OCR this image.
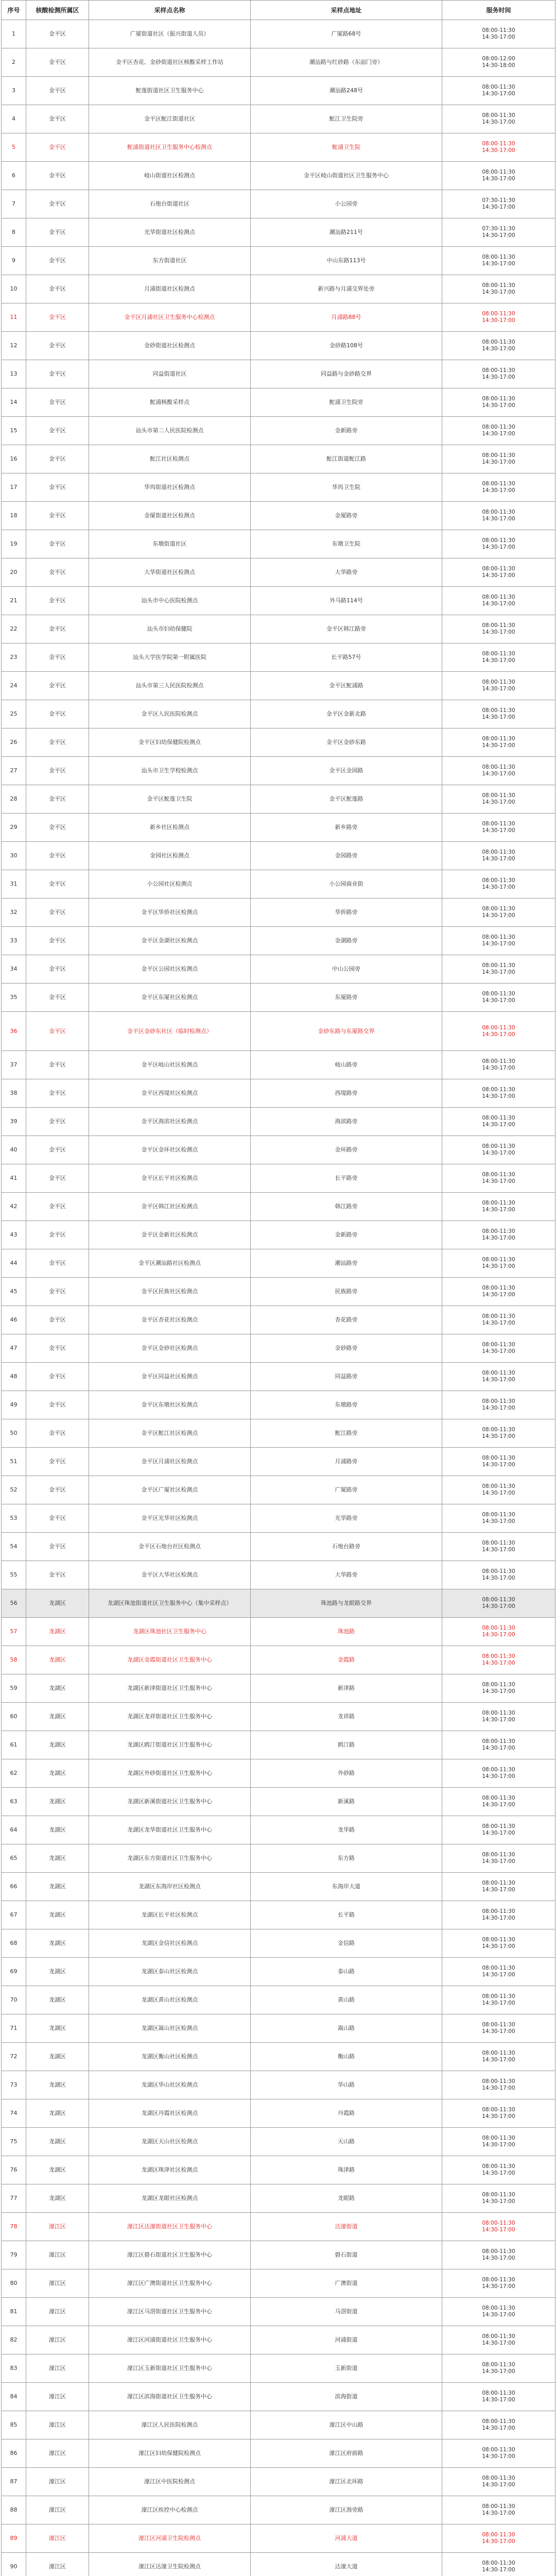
序号	核酸检测所属区	采样点名称	采样点地址	服务时间
1	金平区	广厦街道社区（振兴街道人员）	广厦路68号	08:00-11:30
14:30-17:00

2	金平区	金平区杏花、金砂街道社区核酸采样工作站	潮汕路与红砂路（东面门旁）	08:00-12:00
14:30-18:00

3	金平区	鮀莲街道社区卫生服务中心	潮汕路248号	08:00-11:30
14:30-17:00

4	金平区	金平区鮀江街道社区	鮀江卫生院旁	08:00-11:30
14:30-17:00

5	金平区	鮀浦街道社区卫生服务中心检测点	鮀浦卫生院	08:00-11:30
14:30-17:00

6	金平区	岐山街道社区检测点	金平区岐山街道社区卫生服务中心	08:00-11:30
14:30-17:00

7	金平区	石炮台街道社区	小公园旁	07:30-11:30
14:30-17:00

8	金平区	光华街道社区检测点	潮汕路211号	07:30-11:30
14:30-17:00

9	金平区	东方街道社区	中山东路113号	08:00-11:30
14:30-17:00

10	金平区	月浦街道社区检测点	新兴路与月浦交界处旁	08:00-11:30
14:30-17:00

11	金平区	金平区月浦社区卫生服务中心检测点	月浦路88号	08:00-11:30
14:30-17:00

12	金平区	金砂街道社区检测点	金砂路108号	08:00-11:30
14:30-17:00

13	金平区	同益街道社区	同益路与金砂路交界	08:00-11:30
14:30-17:00

14	金平区	鮀浦核酸采样点	鮀浦卫生院旁	08:00-11:30
14:30-17:00

15	金平区	汕头市第二人民医院检测点	金新路旁	08:00-11:30
14:30-17:00

16	金平区	鮀江社区检测点	鮀江街道鮀江路	08:00-11:30
14:30-17:00

17	金平区	华坞街道社区检测点	华坞卫生院	08:00-11:30
14:30-17:00

18	金平区	金厦街道社区检测点	金厦路旁	08:00-11:30
14:30-17:00

19	金平区	东墩街道社区	东墩卫生院	08:00-11:30
14:30-17:00

20	金平区	大华街道社区检测点	大华路旁	08:00-11:30
14:30-17:00

21	金平区	汕头市中心医院检测点	外马路114号	08:00-11:30
14:30-17:00

22	金平区	汕头市妇幼保健院	金平区韩江路旁	08:00-11:30
14:30-17:00

23	金平区	汕头大学医学院第一附属医院	长平路57号	08:00-11:30
14:30-17:00

24	金平区	汕头市第三人民医院检测点	金平区鮀浦路	08:00-11:30
14:30-17:00

25	金平区	金平区人民医院检测点	金平区金新北路	08:00-11:30
14:30-17:00

26	金平区	金平区妇幼保健院检测点	金平区金砂东路	08:00-11:30
14:30-17:00

27	金平区	汕头市卫生学校检测点	金平区金园路	08:00-11:30
14:30-17:00

28	金平区	金平区鮀莲卫生院	金平区鮀莲路	08:00-11:30
14:30-17:00

29	金平区	新乡社区检测点	新乡路旁	08:00-11:30
14:30-17:00

30	金平区	金园社区检测点	金园路旁	08:00-11:30
14:30-17:00

31	金平区	小公园社区检测点	小公园商业街	08:00-11:30
14:30-17:00

32	金平区	金平区华侨社区检测点	华侨路旁	08:00-11:30
14:30-17:00

33	金平区	金平区金湖社区检测点	金湖路旁	08:00-11:30
14:30-17:00

34	金平区	金平区公园社区检测点	中山公园旁	08:00-11:30
14:30-17:00

35	金平区	金平区东厦社区检测点	东厦路旁	08:00-11:30
14:30-17:00

36	金平区	金平区金砂东社区（临时检测点）	金砂东路与东厦路交界	08:00-11:30
14:30-17:00

37	金平区	金平区岐山社区检测点	岐山路旁	08:00-11:30
14:30-17:00

38	金平区	金平区西堤社区检测点	西堤路旁	08:00-11:30
14:30-17:00

39	金平区	金平区海滨社区检测点	海滨路旁	08:00-11:30
14:30-17:00

40	金平区	金平区金环社区检测点	金环路旁	08:00-11:30
14:30-17:00

41	金平区	金平区长平社区检测点	长平路旁	08:00-11:30
14:30-17:00

42	金平区	金平区韩江社区检测点	韩江路旁	08:00-11:30
14:30-17:00

43	金平区	金平区金新社区检测点	金新路旁	08:00-11:30
14:30-17:00

44	金平区	金平区潮汕路社区检测点	潮汕路旁	08:00-11:30
14:30-17:00

45	金平区	金平区民族社区检测点	民族路旁	08:00-11:30
14:30-17:00

46	金平区	金平区杏花社区检测点	杏花路旁	08:00-11:30
14:30-17:00

47	金平区	金平区金砂社区检测点	金砂路旁	08:00-11:30
14:30-17:00

48	金平区	金平区同益社区检测点	同益路旁	08:00-11:30
14:30-17:00

49	金平区	金平区东墩社区检测点	东墩路旁	08:00-11:30
14:30-17:00

50	金平区	金平区鮀江社区检测点	鮀江路旁	08:00-11:30
14:30-17:00

51	金平区	金平区月浦社区检测点	月浦路旁	08:00-11:30
14:30-17:00

52	金平区	金平区广厦社区检测点	广厦路旁	08:00-11:30
14:30-17:00

53	金平区	金平区光华社区检测点	光华路旁	08:00-11:30
14:30-17:00

54	金平区	金平区石炮台社区检测点	石炮台路旁	08:00-11:30
14:30-17:00

55	金平区	金平区大华社区检测点	大华路旁	08:00-11:30
14:30-17:00

56	龙湖区	龙湖区珠池街道社区卫生服务中心（集中采样点）	珠池路与龙眼路交界	08:00-11:30
14:30-17:00

57	龙湖区	龙湖区珠池社区卫生服务中心	珠池路	08:00-11:30
14:30-17:00

58	龙湖区	龙湖区金霞街道社区卫生服务中心	金霞路	08:00-11:30
14:30-17:00

59	龙湖区	龙湖区新津街道社区卫生服务中心	新津路	08:00-11:30
14:30-17:00

60	龙湖区	龙湖区龙祥街道社区卫生服务中心	龙祥路	08:00-11:30
14:30-17:00

61	龙湖区	龙湖区鸥汀街道社区卫生服务中心	鸥汀路	08:00-11:30
14:30-17:00

62	龙湖区	龙湖区外砂街道社区卫生服务中心	外砂路	08:00-11:30
14:30-17:00

63	龙湖区	龙湖区新溪街道社区卫生服务中心	新溪路	08:00-11:30
14:30-17:00

64	龙湖区	龙湖区龙华街道社区卫生服务中心	龙华路	08:00-11:30
14:30-17:00

65	龙湖区	龙湖区东方街道社区卫生服务中心	东方路	08:00-11:30
14:30-17:00

66	龙湖区	龙湖区东海岸社区检测点	东海岸大道	08:00-11:30
14:30-17:00

67	龙湖区	龙湖区长平社区检测点	长平路	08:00-11:30
14:30-17:00

68	龙湖区	龙湖区金信社区检测点	金信路	08:00-11:30
14:30-17:00

69	龙湖区	龙湖区泰山社区检测点	泰山路	08:00-11:30
14:30-17:00

70	龙湖区	龙湖区黄山社区检测点	黄山路	08:00-11:30
14:30-17:00

71	龙湖区	龙湖区嵩山社区检测点	嵩山路	08:00-11:30
14:30-17:00

72	龙湖区	龙湖区衡山社区检测点	衡山路	08:00-11:30
14:30-17:00

73	龙湖区	龙湖区华山社区检测点	华山路	08:00-11:30
14:30-17:00

74	龙湖区	龙湖区丹霞社区检测点	丹霞路	08:00-11:30
14:30-17:00

75	龙湖区	龙湖区天山社区检测点	天山路	08:00-11:30
14:30-17:00

76	龙湖区	龙湖区珠津社区检测点	珠津路	08:00-11:30
14:30-17:00

77	龙湖区	龙湖区龙眼社区检测点	龙眼路	08:00-11:30
14:30-17:00

78	濠江区	濠江区达濠街道社区卫生服务中心	达濠街道	08:00-11:30
14:30-17:00

79	濠江区	濠江区礐石街道社区卫生服务中心	礐石街道	08:00-11:30
14:30-17:00

80	濠江区	濠江区广澳街道社区卫生服务中心	广澳街道	08:00-11:30
14:30-17:00

81	濠江区	濠江区马滘街道社区卫生服务中心	马滘街道	08:00-11:30
14:30-17:00

82	濠江区	濠江区河浦街道社区卫生服务中心	河浦街道	08:00-11:30
14:30-17:00

83	濠江区	濠江区玉新街道社区卫生服务中心	玉新街道	08:00-11:30
14:30-17:00

84	濠江区	濠江区滨海街道社区卫生服务中心	滨海街道	08:00-11:30
14:30-17:00

85	濠江区	濠江区人民医院检测点	濠江区中山路	08:00-11:30
14:30-17:00

86	濠江区	濠江区妇幼保健院检测点	濠江区府前路	08:00-11:30
14:30-17:00

87	濠江区	濠江区中医院检测点	濠江区北环路	08:00-11:30
14:30-17:00

88	濠江区	濠江区疾控中心检测点	濠江区海旁路	08:00-11:30
14:30-17:00

89	濠江区	濠江区河浦卫生院检测点	河浦大道	08:00-11:30
14:30-17:00

90	濠江区	濠江区达濠卫生院检测点	达濠大道	08:00-11:30
14:30-17:00
